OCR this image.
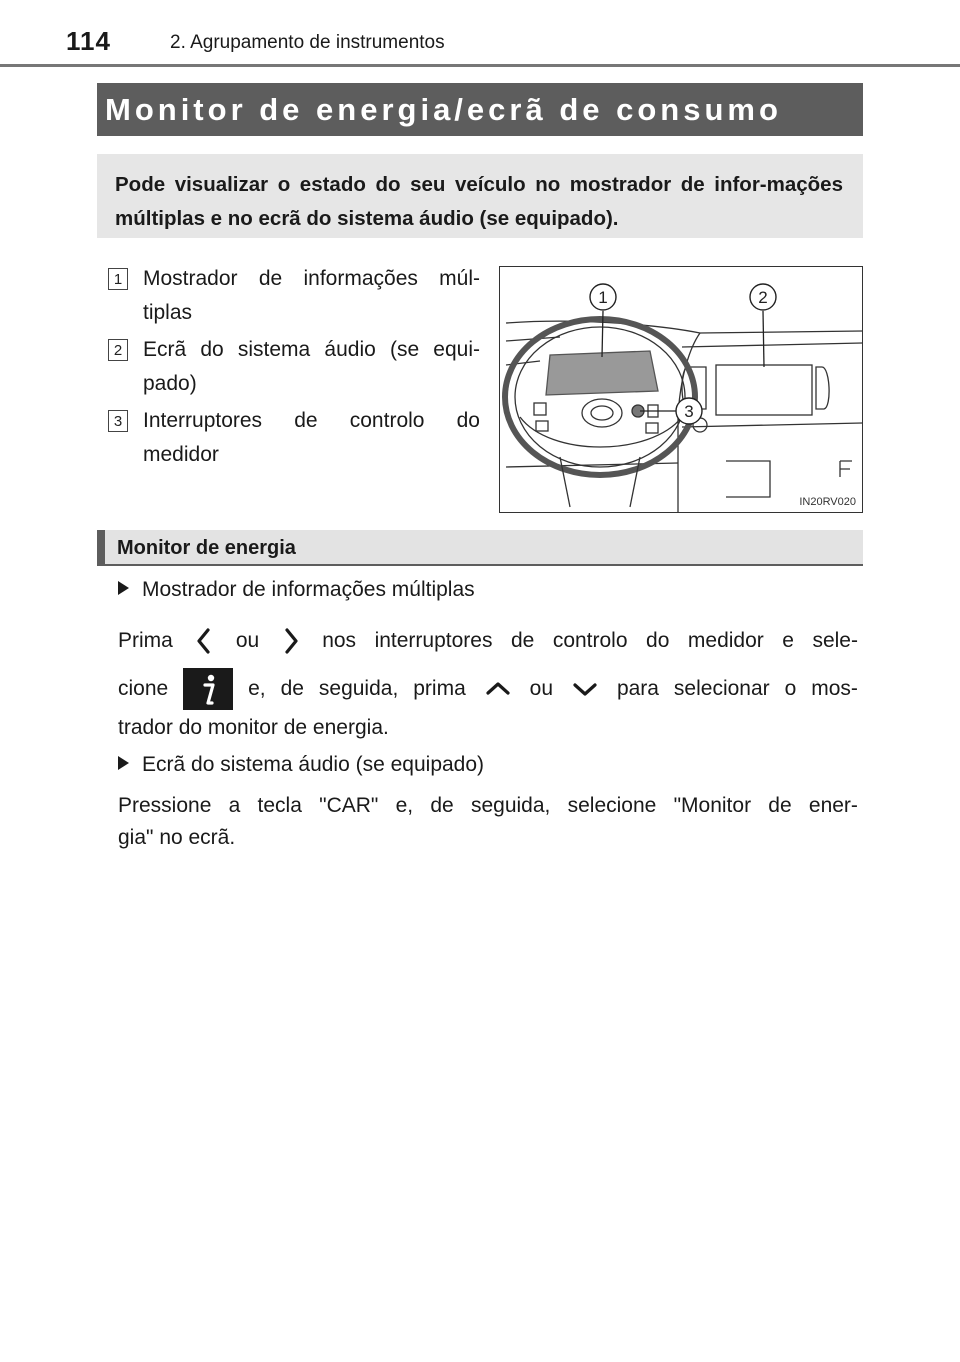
114	2. Agrupamento de instrumentos
Monitor de energia/ecrã de consumo
Pode visualizar o estado do seu veículo no mostrador de infor-mações múltiplas e no ecrã do sistema áudio (se equipado).
1 Mostrador de informações múl-tiplas
2 Ecrã do sistema áudio (se equi-pado)
3 Interruptores de controlo do medidor
1	2
3
IN20RV020
Monitor de energia
Mostrador de informações múltiplas
Prima	ou	nos interruptores de controlo do medidor e sele-
cione	e, de seguida, prima	ou	para selecionar o mos-
trador do monitor de energia.
Ecrã do sistema áudio (se equipado)
Pressione a tecla "CAR" e, de seguida, selecione "Monitor de ener-
gia" no ecrã.
